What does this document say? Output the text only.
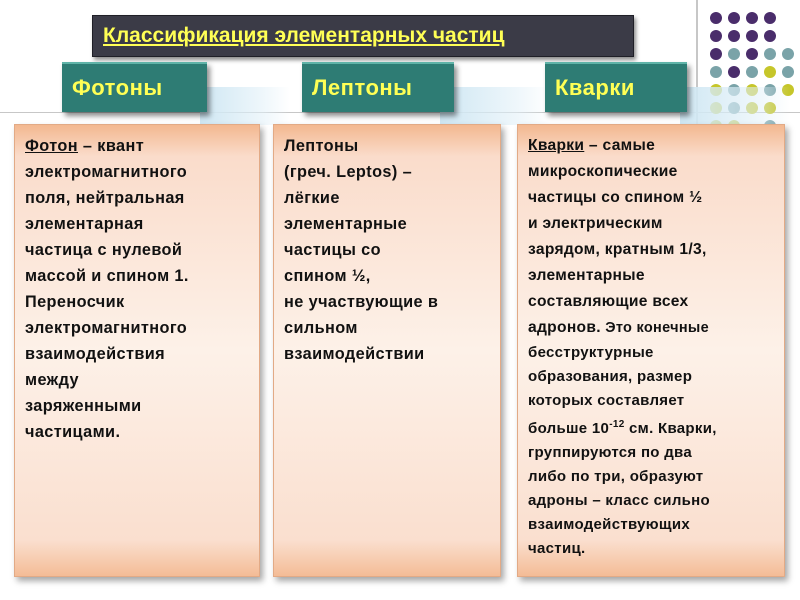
Классификация элементарных частиц
Фотоны	Лептоны	Кварки
Фотон – квант
электромагнитного
поля, нейтральная
элементарная
частица с нулевой
массой и спином 1.
Переносчик
электромагнитного
взаимодействия
между
заряженными
частицами.
Лептоны
(греч. Leptos) –
лёгкие
элементарные
частицы со
спином ½,
не участвующие в
сильном
взаимодействии
Кварки – самые
микроскопические
частицы со спином ½
и электрическим
зарядом, кратным 1/3,
элементарные
составляющие всех
адронов. Это конечные
бесструктурные
образования, размер
которых составляет
больше $10^{-12}$ см. Кварки,
группируются по два
либо по три, образуют
адроны – класс сильно
взаимодействующих
частиц.
